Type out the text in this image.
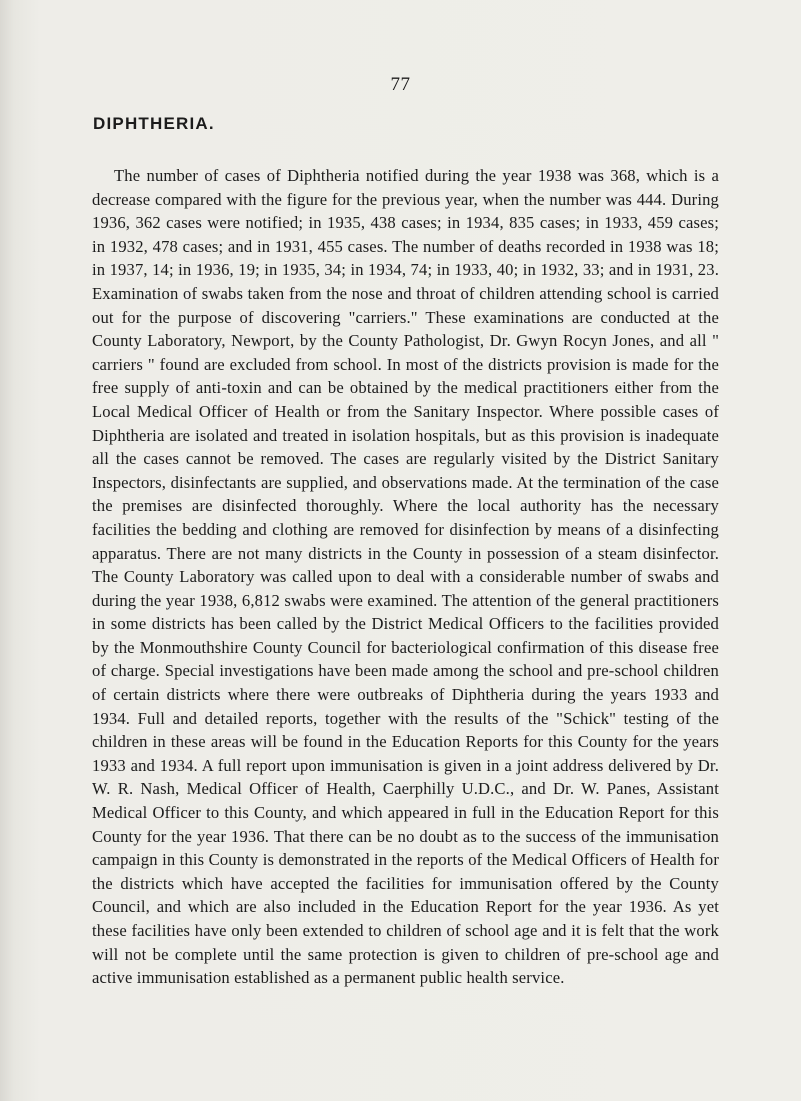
77
DIPHTHERIA.

The number of cases of Diphtheria notified during the year 1938 was 368, which is a decrease compared with the figure for the previous year, when the number was 444. During 1936, 362 cases were notified; in 1935, 438 cases; in 1934, 835 cases; in 1933, 459 cases; in 1932, 478 cases; and in 1931, 455 cases. The number of deaths recorded in 1938 was 18; in 1937, 14; in 1936, 19; in 1935, 34; in 1934, 74; in 1933, 40; in 1932, 33; and in 1931, 23. Examination of swabs taken from the nose and throat of children attending school is carried out for the purpose of discovering "carriers." These examinations are conducted at the County Laboratory, Newport, by the County Pathologist, Dr. Gwyn Rocyn Jones, and all " carriers " found are excluded from school. In most of the districts provision is made for the free supply of anti-toxin and can be obtained by the medical practitioners either from the Local Medical Officer of Health or from the Sanitary Inspector. Where possible cases of Diphtheria are isolated and treated in isolation hospitals, but as this provision is inadequate all the cases cannot be removed. The cases are regularly visited by the District Sanitary Inspectors, disinfectants are supplied, and observations made. At the termination of the case the premises are disinfected thoroughly. Where the local authority has the necessary facilities the bedding and clothing are removed for disinfection by means of a disinfecting apparatus. There are not many districts in the County in possession of a steam disinfector. The County Laboratory was called upon to deal with a considerable number of swabs and during the year 1938, 6,812 swabs were examined. The attention of the general practitioners in some districts has been called by the District Medical Officers to the facilities provided by the Monmouthshire County Council for bacteriological confirmation of this disease free of charge. Special investigations have been made among the school and pre-school children of certain districts where there were outbreaks of Diphtheria during the years 1933 and 1934. Full and detailed reports, together with the results of the "Schick" testing of the children in these areas will be found in the Education Reports for this County for the years 1933 and 1934. A full report upon immunisation is given in a joint address delivered by Dr. W. R. Nash, Medical Officer of Health, Caerphilly U.D.C., and Dr. W. Panes, Assistant Medical Officer to this County, and which appeared in full in the Education Report for this County for the year 1936. That there can be no doubt as to the success of the immunisation campaign in this County is demonstrated in the reports of the Medical Officers of Health for the districts which have accepted the facilities for immunisation offered by the County Council, and which are also included in the Education Report for the year 1936. As yet these facilities have only been extended to children of school age and it is felt that the work will not be complete until the same protection is given to children of pre-school age and active immunisation established as a permanent public health service.
